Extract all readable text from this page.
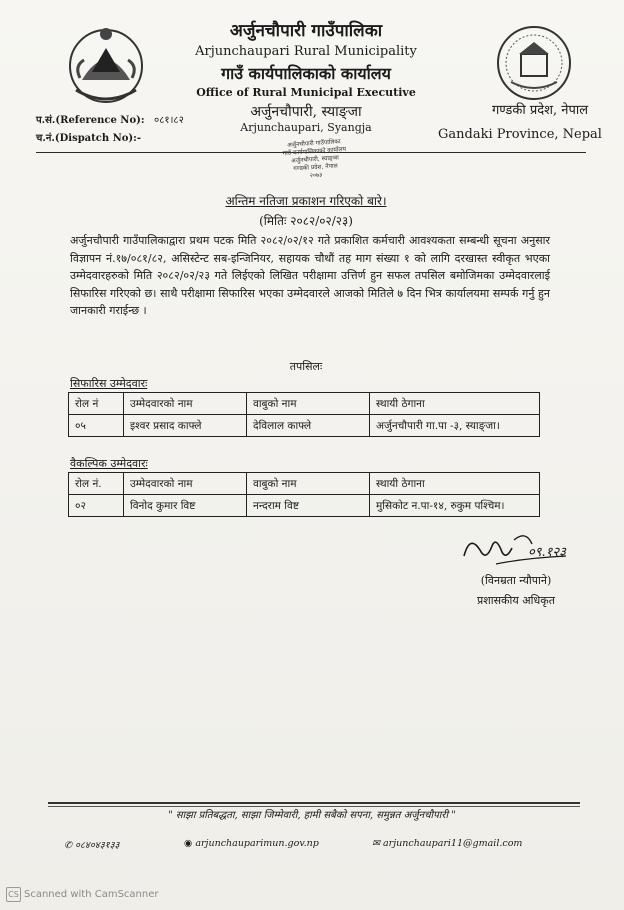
अर्जुनचौपारी गाउँपालिका
Arjunchaupari Rural Municipality
गाउँ कार्यपालिकाको कार्यालय
Office of Rural Municipal Executive
अर्जुनचौपारी, स्याङ्जा
Arjunchaupari, Syangja
गण्डकी प्रदेश, नेपाल
Gandaki Province, Nepal
प.सं.(Reference No): ०८१।८२
च.नं.(Dispatch No):-	अर्जुनचौपारी गाउँपालिका
गाउँ कार्यपालिकाको कार्यालय
अर्जुनचौपारी, स्याङ्जा
गण्डकी प्रदेश, नेपाल
२०७३
अन्तिम नतिजा प्रकाशन गरिएको बारे।
(मितिः २०८२/०२/२३)
अर्जुनचौपारी गाउँपालिकाद्वारा प्रथम पटक मिति २०८२/०२/१२ गते प्रकाशित कर्मचारी आवश्यकता सम्बन्धी सूचना अनुसार विज्ञापन नं.१७/०८१/८२, असिस्टेन्ट सब-इन्जिनियर, सहायक चौथौं तह माग संख्या १ को लागि दरखास्त स्वीकृत भएका उम्मेदवारहरुको मिति २०८२/०२/२३ गते लिईएको लिखित परीक्षामा उत्तिर्ण हुन सफल तपसिल बमोजिमका उम्मेदवारलाई सिफारिस गरिएको छ। साथै परीक्षामा सिफारिस भएका उम्मेदवारले आजको मितिले ७ दिन भित्र कार्यालयमा सम्पर्क गर्नु हुन जानकारी गराईन्छ ।
तपसिलः
सिफारिस उम्मेदवारः
रोल नं	उम्मेदवारको नाम	वाबुको नाम	स्थायी ठेगाना
०५	इश्वर प्रसाद काफ्ले	देविलाल काफ्ले	अर्जुनचौपारी गा.पा -३, स्याङ्जा।
वैकल्पिक उम्मेदवारः
रोल नं.	उम्मेदवारको नाम	वाबुको नाम	स्थायी ठेगाना
०२	विनोद कुमार विष्ट	नन्दराम विष्ट	मुसिकोट न.पा-१४, रुकुम पश्चिम।
०९.१२३
(विनम्रता न्यौपाने)
प्रशासकीय अधिकृत
" साझा प्रतिबद्धता, साझा जिम्मेवारी, हामी सबैको सपना, समुन्नत अर्जुनचौपारी "
✆ ०८४०४३१३३	◉ arjunchauparimun.gov.np	✉ arjunchaupari11@gmail.com
CS Scanned with CamScanner
